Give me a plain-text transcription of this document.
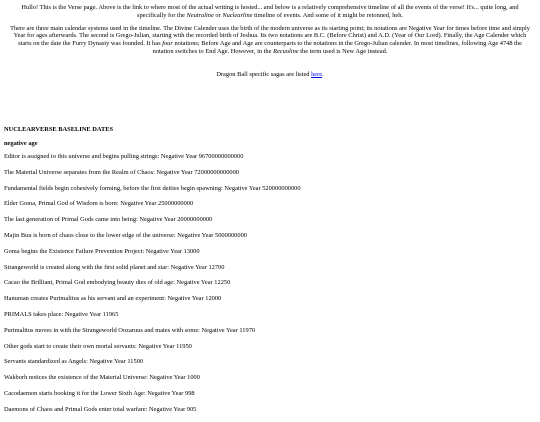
Hullo! This is the Verse page. Above is the link to where most of the actual writing is hosted... and below is a relatively comprehensive timeline of all the events of the verse! It's... quite long, and specifically for the Neutraline or Nuclearline timeline of events. And some of it might be retonned, heh.

There are three main calendar systems used in the timeline. The Divine Calender uses the birth of the modern universe as its starting point; its notations are Negative Year for times before time and simply Year for ages afterwards. The second is Grego-Julian, starting with the recorded birth of Jeshua. Its two notations are B.C. (Before Christ) and A.D. (Year of Our Lord). Finally, the Age Calender which starts on the date the Furry Dynasty was founded. It has four notations; Before Age and Age are counterparts to the notations in the Grego-Julian calender. In most timelines, following Age 4748 the notation switches to End Age. However, in the Recuoline the term used is New Age instead.

Dragon Ball specific sagas are listed here.
NUCLEARVERSE BASELINE DATES
negative age

Editor is assigned to this universe and begins pulling strings: Negative Year 96700000000000

The Material Universe separates from the Realm of Chaos: Negative Year 72000000000000

Fundamental fields begin cohesively forming, before the first deities begin spawning: Negative Year 520000000000

Elder Goma, Primal God of Wisdom is born: Negative Year 25000000000

The last generation of Primal Gods came into being: Negative Year 20000000000

Majin Buu is born of chaos close to the lower edge of the universe: Negative Year 5000000000

Goma begins the Existence Failure Prevention Project: Negative Year 13000

Strangeworld is created along with the first solid planet and star: Negative Year 12700

Cacao the Brilliant, Primal God embodying beauty dies of old age: Negative Year 12250

Hanuman creates Purimalitus as his servant and an experiment: Negative Year 12000

PRIMALS takes place: Negative Year 11965

Purimalitus moves in with the Strangeworld Oozaruus and mates with some: Negative Year 11970

Other gods start to create their own mortal servants: Negative Year 11950

Servants standardized as Angels: Negative Year 11500

Wakborh notices the existence of the Material Universe: Negative Year 1000

Cacodaemon starts booking it for the Lower Sixth Age: Negative Year 998

Daemons of Chaos and Primal Gods enter total warfare: Negative Year 905
